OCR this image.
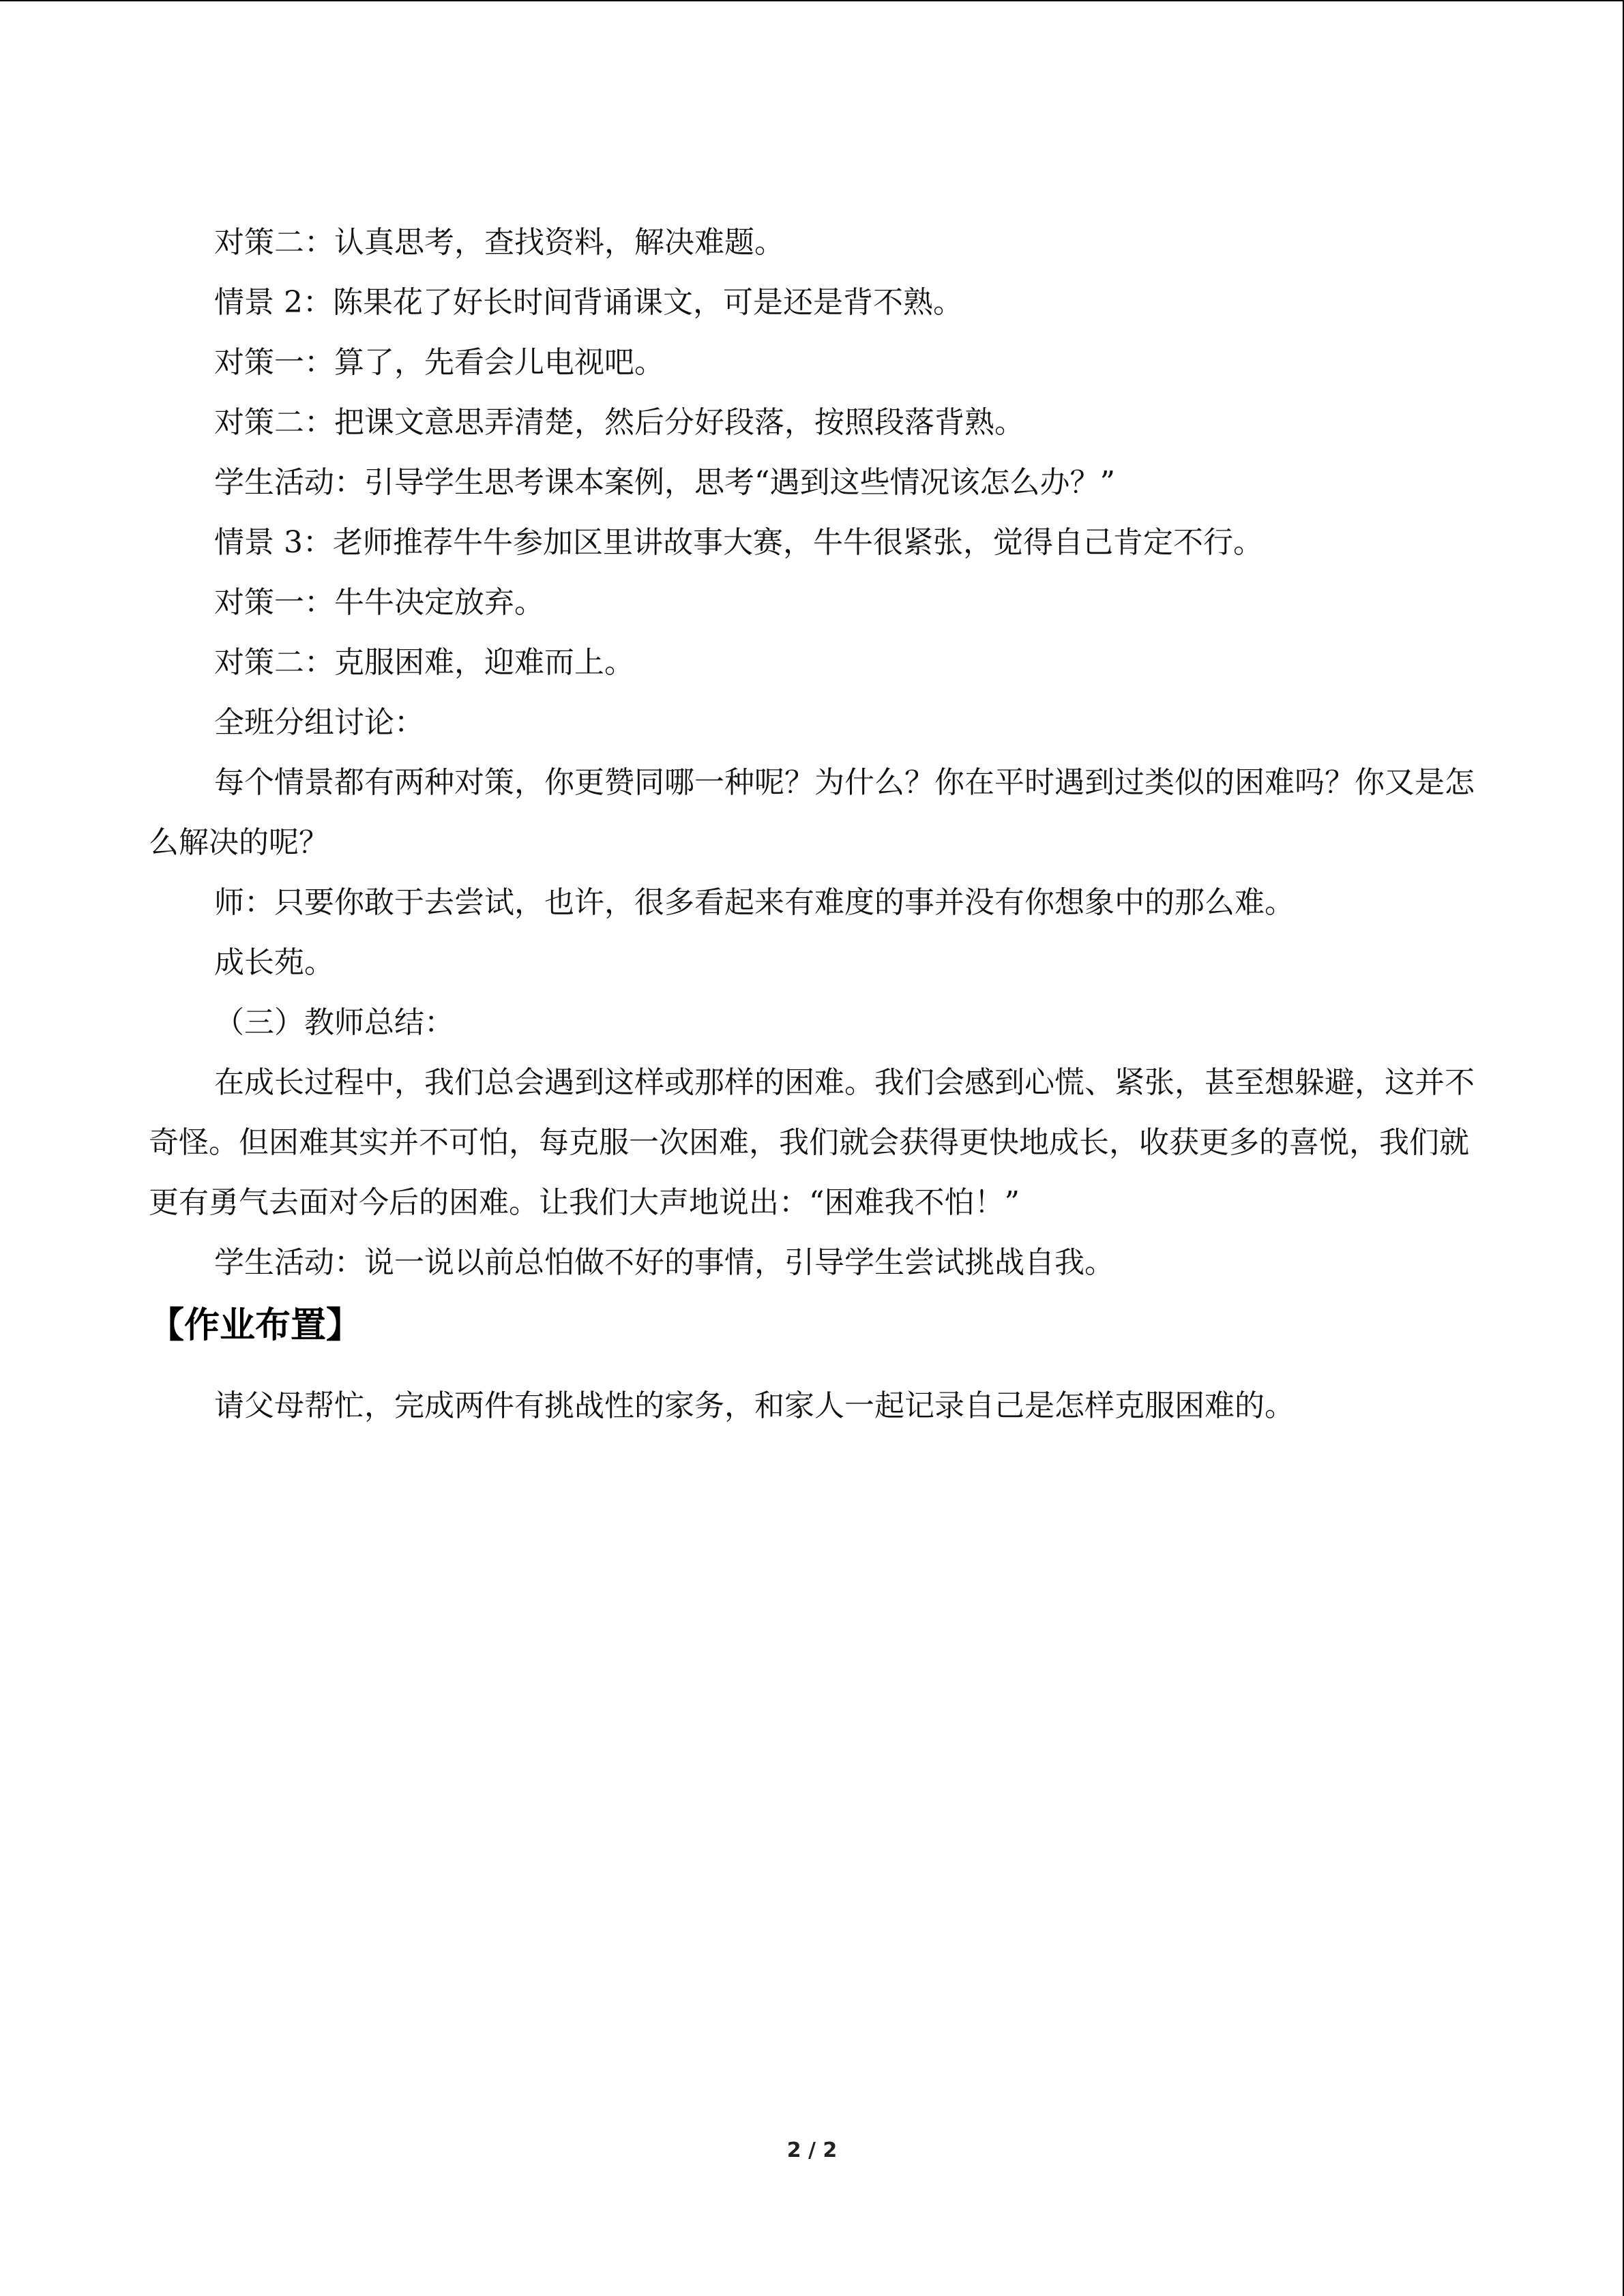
对策二：认真思考，查找资料，解决难题。

情景 2：陈果花了好长时间背诵课文，可是还是背不熟。

对策一：算了，先看会儿电视吧。

对策二：把课文意思弄清楚，然后分好段落，按照段落背熟。

学生活动：引导学生思考课本案例，思考“遇到这些情况该怎么办？”

情景 3：老师推荐牛牛参加区里讲故事大赛，牛牛很紧张，觉得自己肯定不行。

对策一：牛牛决定放弃。

对策二：克服困难，迎难而上。

全班分组讨论：

每个情景都有两种对策，你更赞同哪一种呢？为什么？你在平时遇到过类似的困难吗？你又是怎么解决的呢？

师：只要你敢于去尝试，也许，很多看起来有难度的事并没有你想象中的那么难。

成长苑。

（三）教师总结：

在成长过程中，我们总会遇到这样或那样的困难。我们会感到心慌、紧张，甚至想躲避，这并不奇怪。但困难其实并不可怕，每克服一次困难，我们就会获得更快地成长，收获更多的喜悦，我们就更有勇气去面对今后的困难。让我们大声地说出：“困难我不怕！”

学生活动：说一说以前总怕做不好的事情，引导学生尝试挑战自我。

【作业布置】

请父母帮忙，完成两件有挑战性的家务，和家人一起记录自己是怎样克服困难的。

2 / 2
